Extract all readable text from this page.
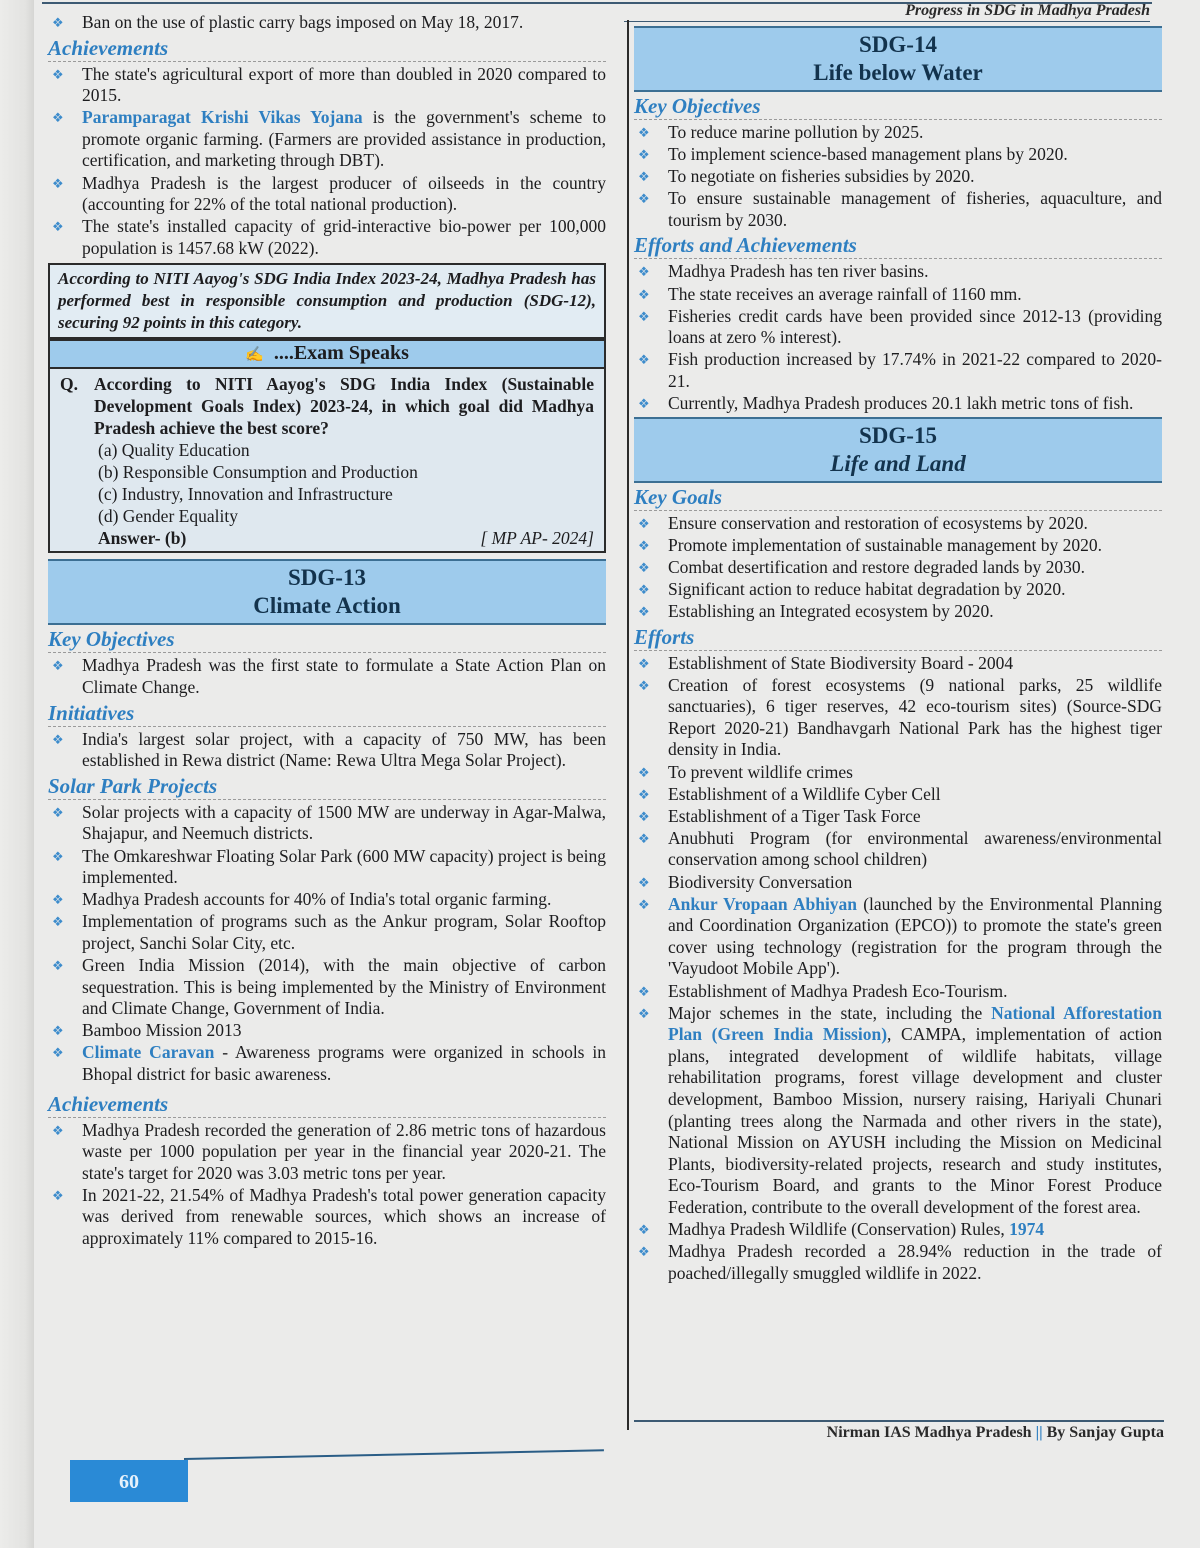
Progress in SDG in Madhya Pradesh
❖ Ban on the use of plastic carry bags imposed on May 18, 2017.
Achievements
❖ The state's agricultural export of more than doubled in 2020 compared to 2015.
❖ Paramparagat Krishi Vikas Yojana is the government's scheme to promote organic farming. (Farmers are provided assistance in production, certification, and marketing through DBT).
❖ Madhya Pradesh is the largest producer of oilseeds in the country (accounting for 22% of the total national production).
❖ The state's installed capacity of grid-interactive bio-power per 100,000 population is 1457.68 kW (2022).
According to NITI Aayog's SDG India Index 2023-24, Madhya Pradesh has performed best in responsible consumption and production (SDG-12), securing 92 points in this category.
✍ ....Exam Speaks
Q. According to NITI Aayog's SDG India Index (Sustainable Development Goals Index) 2023-24, in which goal did Madhya Pradesh achieve the best score?
(a) Quality Education
(b) Responsible Consumption and Production
(c) Industry, Innovation and Infrastructure
(d) Gender Equality
Answer- (b)	[ MP AP- 2024]
SDG-13
Climate Action
Key Objectives
❖ Madhya Pradesh was the first state to formulate a State Action Plan on Climate Change.
Initiatives
❖ India's largest solar project, with a capacity of 750 MW, has been established in Rewa district (Name: Rewa Ultra Mega Solar Project).
Solar Park Projects
❖ Solar projects with a capacity of 1500 MW are underway in Agar-Malwa, Shajapur, and Neemuch districts.
❖ The Omkareshwar Floating Solar Park (600 MW capacity) project is being implemented.
❖ Madhya Pradesh accounts for 40% of India's total organic farming.
❖ Implementation of programs such as the Ankur program, Solar Rooftop project, Sanchi Solar City, etc.
❖ Green India Mission (2014), with the main objective of carbon sequestration. This is being implemented by the Ministry of Environment and Climate Change, Government of India.
❖ Bamboo Mission 2013
❖ Climate Caravan - Awareness programs were organized in schools in Bhopal district for basic awareness.
Achievements
❖ Madhya Pradesh recorded the generation of 2.86 metric tons of hazardous waste per 1000 population per year in the financial year 2020-21. The state's target for 2020 was 3.03 metric tons per year.
❖ In 2021-22, 21.54% of Madhya Pradesh's total power generation capacity was derived from renewable sources, which shows an increase of approximately 11% compared to 2015-16.
SDG-14
Life below Water
Key Objectives
❖ To reduce marine pollution by 2025.
❖ To implement science-based management plans by 2020.
❖ To negotiate on fisheries subsidies by 2020.
❖ To ensure sustainable management of fisheries, aquaculture, and tourism by 2030.
Efforts and Achievements
❖ Madhya Pradesh has ten river basins.
❖ The state receives an average rainfall of 1160 mm.
❖ Fisheries credit cards have been provided since 2012-13 (providing loans at zero % interest).
❖ Fish production increased by 17.74% in 2021-22 compared to 2020-21.
❖ Currently, Madhya Pradesh produces 20.1 lakh metric tons of fish.
SDG-15
Life and Land
Key Goals
❖ Ensure conservation and restoration of ecosystems by 2020.
❖ Promote implementation of sustainable management by 2020.
❖ Combat desertification and restore degraded lands by 2030.
❖ Significant action to reduce habitat degradation by 2020.
❖ Establishing an Integrated ecosystem by 2020.
Efforts
❖ Establishment of State Biodiversity Board - 2004
❖ Creation of forest ecosystems (9 national parks, 25 wildlife sanctuaries), 6 tiger reserves, 42 eco-tourism sites) (Source-SDG Report 2020-21) Bandhavgarh National Park has the highest tiger density in India.
❖ To prevent wildlife crimes
❖ Establishment of a Wildlife Cyber Cell
❖ Establishment of a Tiger Task Force
❖ Anubhuti Program (for environmental awareness/environmental conservation among school children)
❖ Biodiversity Conversation
❖ Ankur Vropaan Abhiyan (launched by the Environmental Planning and Coordination Organization (EPCO)) to promote the state's green cover using technology (registration for the program through the 'Vayudoot Mobile App').
❖ Establishment of Madhya Pradesh Eco-Tourism.
❖ Major schemes in the state, including the National Afforestation Plan (Green India Mission), CAMPA, implementation of action plans, integrated development of wildlife habitats, village rehabilitation programs, forest village development and cluster development, Bamboo Mission, nursery raising, Hariyali Chunari (planting trees along the Narmada and other rivers in the state), National Mission on AYUSH including the Mission on Medicinal Plants, biodiversity-related projects, research and study institutes, Eco-Tourism Board, and grants to the Minor Forest Produce Federation, contribute to the overall development of the forest area.
❖ Madhya Pradesh Wildlife (Conservation) Rules, 1974
❖ Madhya Pradesh recorded a 28.94% reduction in the trade of poached/illegally smuggled wildlife in 2022.
Nirman IAS Madhya Pradesh || By Sanjay Gupta
60
